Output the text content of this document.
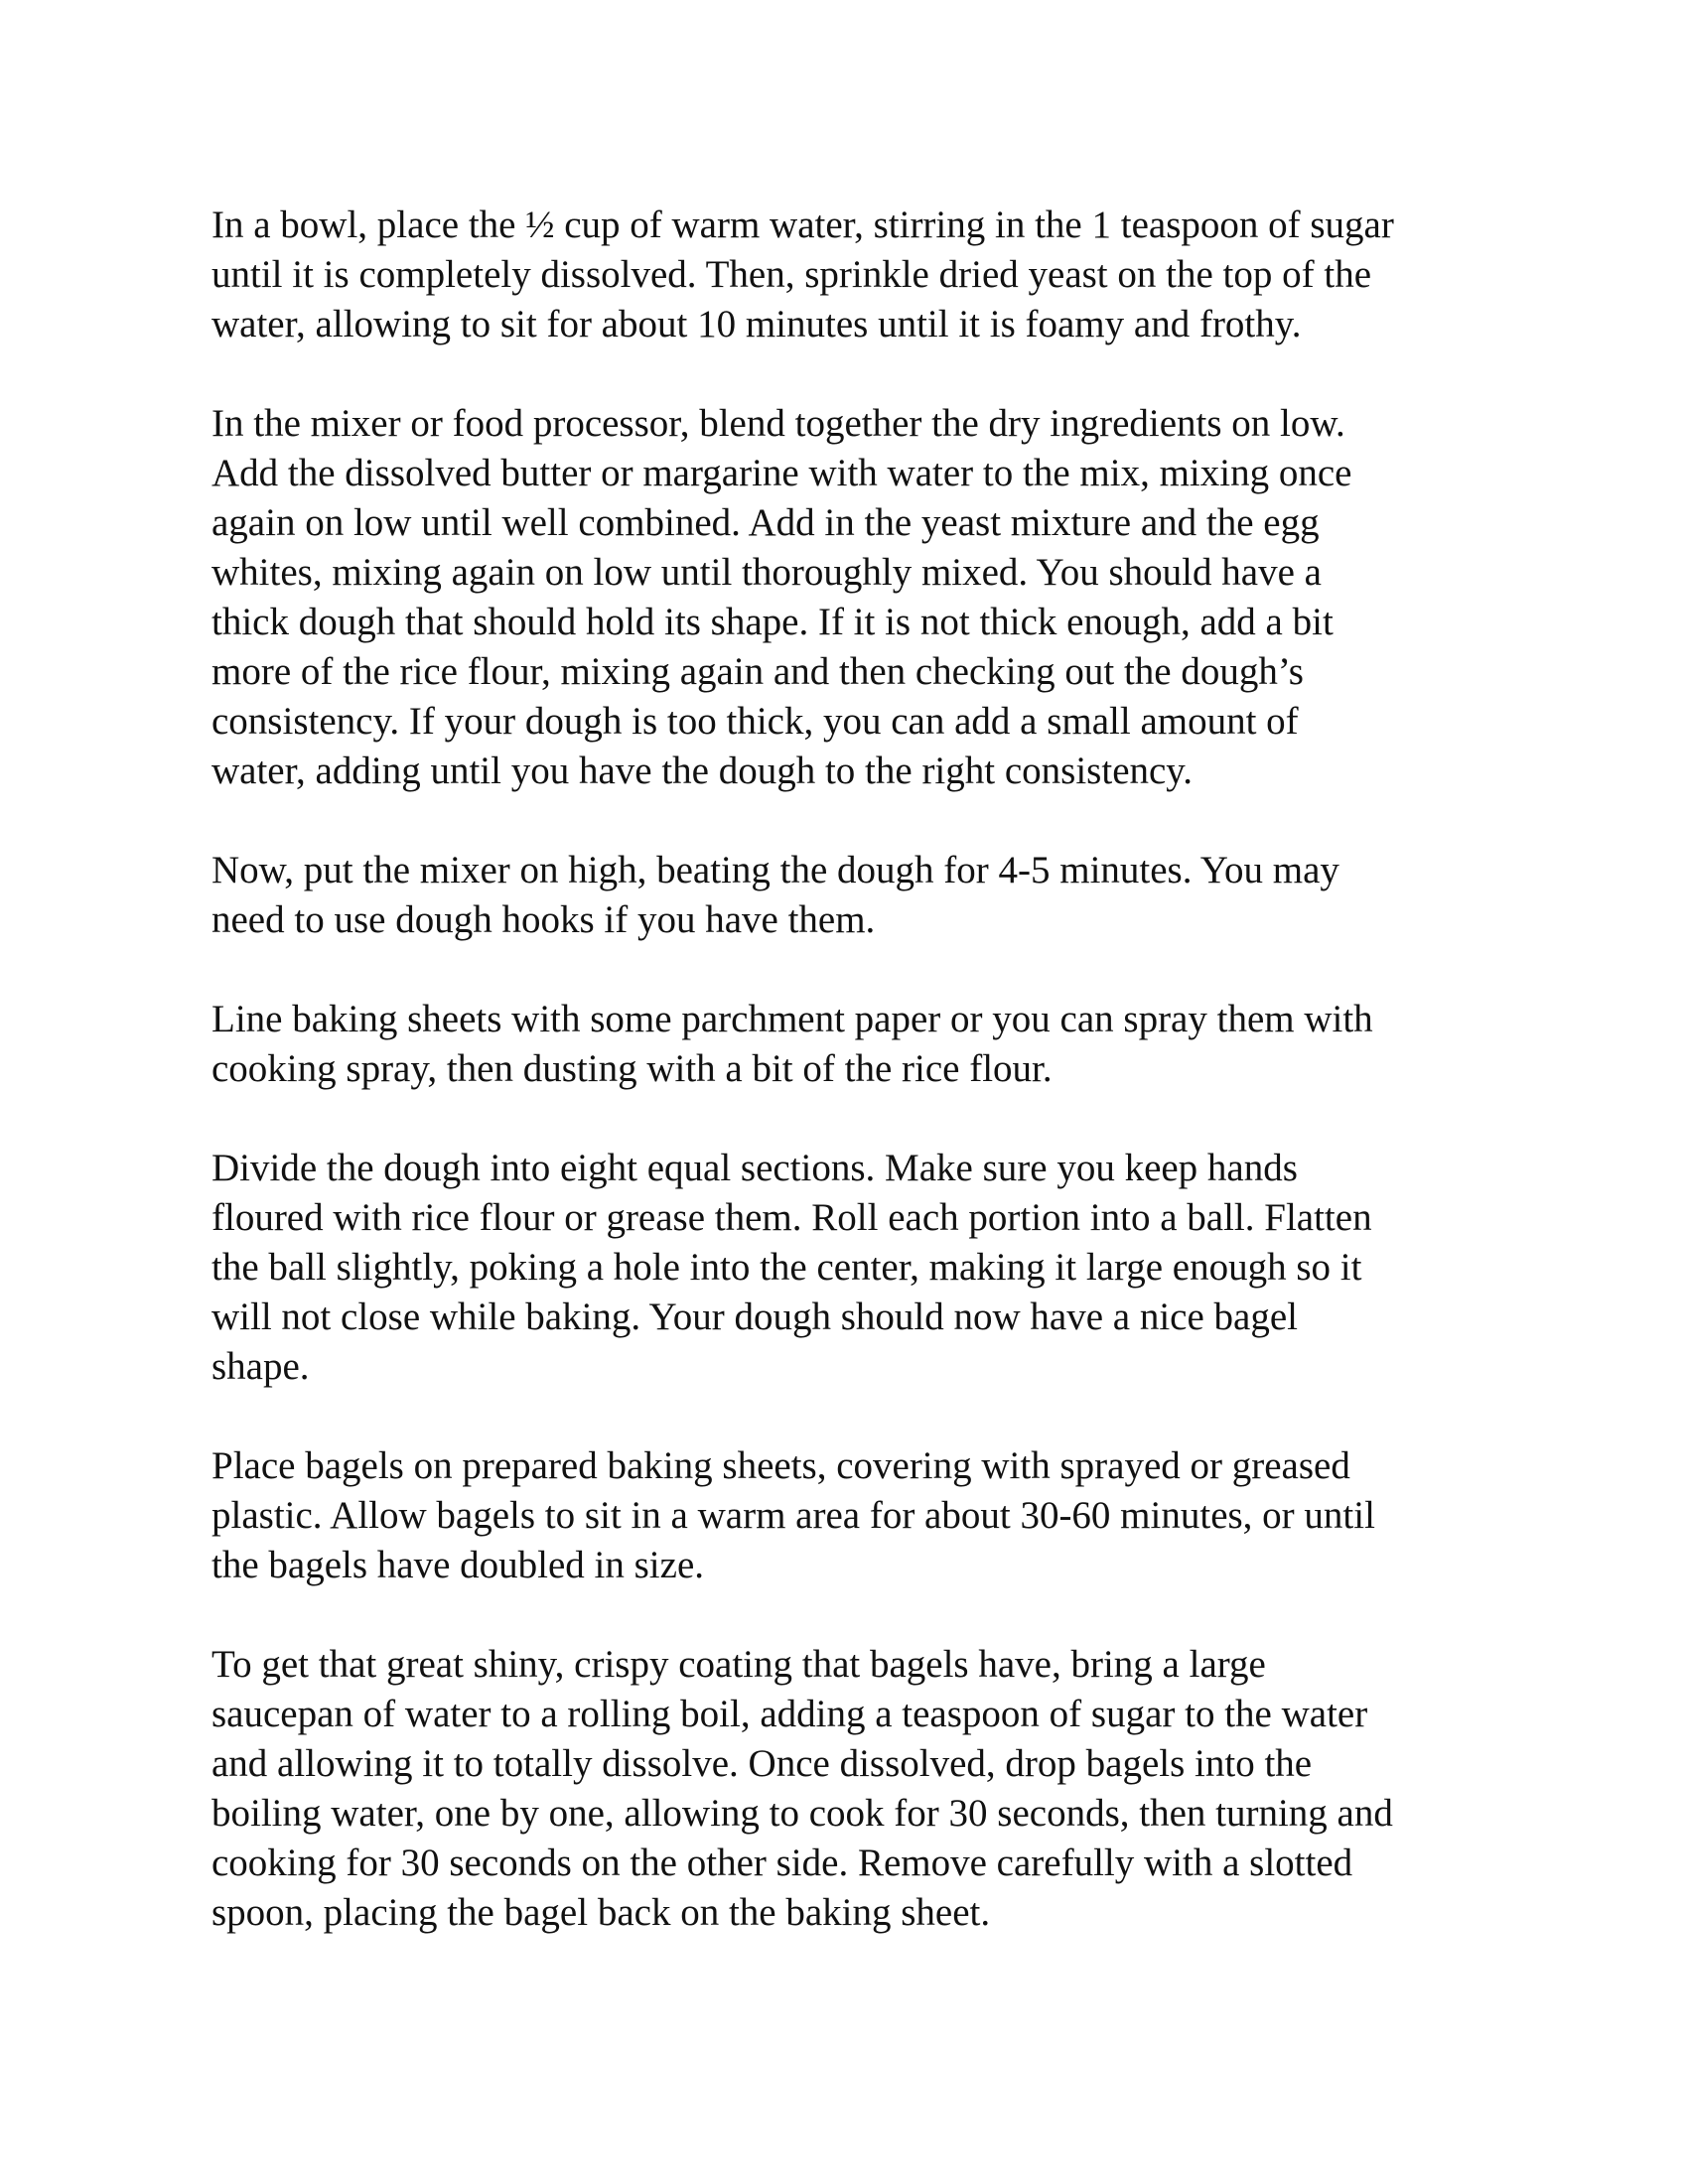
In a bowl, place the ½ cup of warm water, stirring in the 1 teaspoon of sugar
until it is completely dissolved. Then, sprinkle dried yeast on the top of the
water, allowing to sit for about 10 minutes until it is foamy and frothy.

In the mixer or food processor, blend together the dry ingredients on low.
Add the dissolved butter or margarine with water to the mix, mixing once
again on low until well combined. Add in the yeast mixture and the egg
whites, mixing again on low until thoroughly mixed. You should have a
thick dough that should hold its shape. If it is not thick enough, add a bit
more of the rice flour, mixing again and then checking out the dough’s
consistency. If your dough is too thick, you can add a small amount of
water, adding until you have the dough to the right consistency.

Now, put the mixer on high, beating the dough for 4-5 minutes. You may
need to use dough hooks if you have them.

Line baking sheets with some parchment paper or you can spray them with
cooking spray, then dusting with a bit of the rice flour.

Divide the dough into eight equal sections. Make sure you keep hands
floured with rice flour or grease them. Roll each portion into a ball. Flatten
the ball slightly, poking a hole into the center, making it large enough so it
will not close while baking. Your dough should now have a nice bagel
shape.

Place bagels on prepared baking sheets, covering with sprayed or greased
plastic. Allow bagels to sit in a warm area for about 30-60 minutes, or until
the bagels have doubled in size.

To get that great shiny, crispy coating that bagels have, bring a large
saucepan of water to a rolling boil, adding a teaspoon of sugar to the water
and allowing it to totally dissolve. Once dissolved, drop bagels into the
boiling water, one by one, allowing to cook for 30 seconds, then turning and
cooking for 30 seconds on the other side. Remove carefully with a slotted
spoon, placing the bagel back on the baking sheet.
